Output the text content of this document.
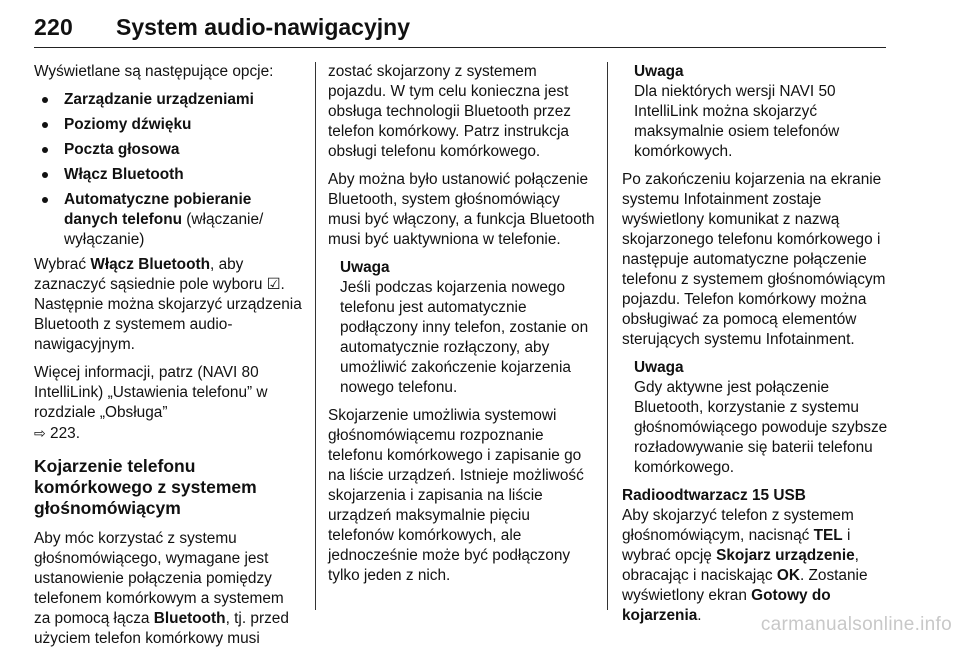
220 System audio-nawigacyjny

Wyświetlane są następujące opcje:

Zarządzanie urządzeniami
Poziomy dźwięku
Poczta głosowa
Włącz Bluetooth
Automatyczne pobieranie danych telefonu (włączanie/ wyłączanie)

Wybrać Włącz Bluetooth, aby zaznaczyć sąsiednie pole wyboru ☑. Następnie można skojarzyć urządzenia Bluetooth z systemem audio-nawigacyjnym.

Więcej informacji, patrz (NAVI 80 IntelliLink) „Ustawienia telefonu” w rozdziale „Obsługa”
⇨ 223.

Kojarzenie telefonu komórkowego z systemem głośnomówiącym

Aby móc korzystać z systemu głośnomówiącego, wymagane jest ustanowienie połączenia pomiędzy telefonem komórkowym a systemem za pomocą łącza Bluetooth, tj. przed użyciem telefon komórkowy musi

zostać skojarzony z systemem pojazdu. W tym celu konieczna jest obsługa technologii Bluetooth przez telefon komórkowy. Patrz instrukcja obsługi telefonu komórkowego.

Aby można było ustanowić połączenie Bluetooth, system głośnomówiący musi być włączony, a funkcja Bluetooth musi być uaktywniona w telefonie.

Uwaga
Jeśli podczas kojarzenia nowego telefonu jest automatycznie podłączony inny telefon, zostanie on automatycznie rozłączony, aby umożliwić zakończenie kojarzenia nowego telefonu.

Skojarzenie umożliwia systemowi głośnomówiącemu rozpoznanie telefonu komórkowego i zapisanie go na liście urządzeń. Istnieje możliwość skojarzenia i zapisania na liście urządzeń maksymalnie pięciu telefonów komórkowych, ale jednocześnie może być podłączony tylko jeden z nich.

Uwaga
Dla niektórych wersji NAVI 50 IntelliLink można skojarzyć maksymalnie osiem telefonów komórkowych.

Po zakończeniu kojarzenia na ekranie systemu Infotainment zostaje wyświetlony komunikat z nazwą skojarzonego telefonu komórkowego i następuje automatyczne połączenie telefonu z systemem głośnomówiącym pojazdu. Telefon komórkowy można obsługiwać za pomocą elementów sterujących systemu Infotainment.

Uwaga
Gdy aktywne jest połączenie Bluetooth, korzystanie z systemu głośnomówiącego powoduje szybsze rozładowywanie się baterii telefonu komórkowego.
Radioodtwarzacz 15 USB

Aby skojarzyć telefon z systemem głośnomówiącym, nacisnąć TEL i wybrać opcję Skojarz urządzenie, obracając i naciskając OK. Zostanie wyświetlony ekran Gotowy do kojarzenia.	carmanualsonline.info
